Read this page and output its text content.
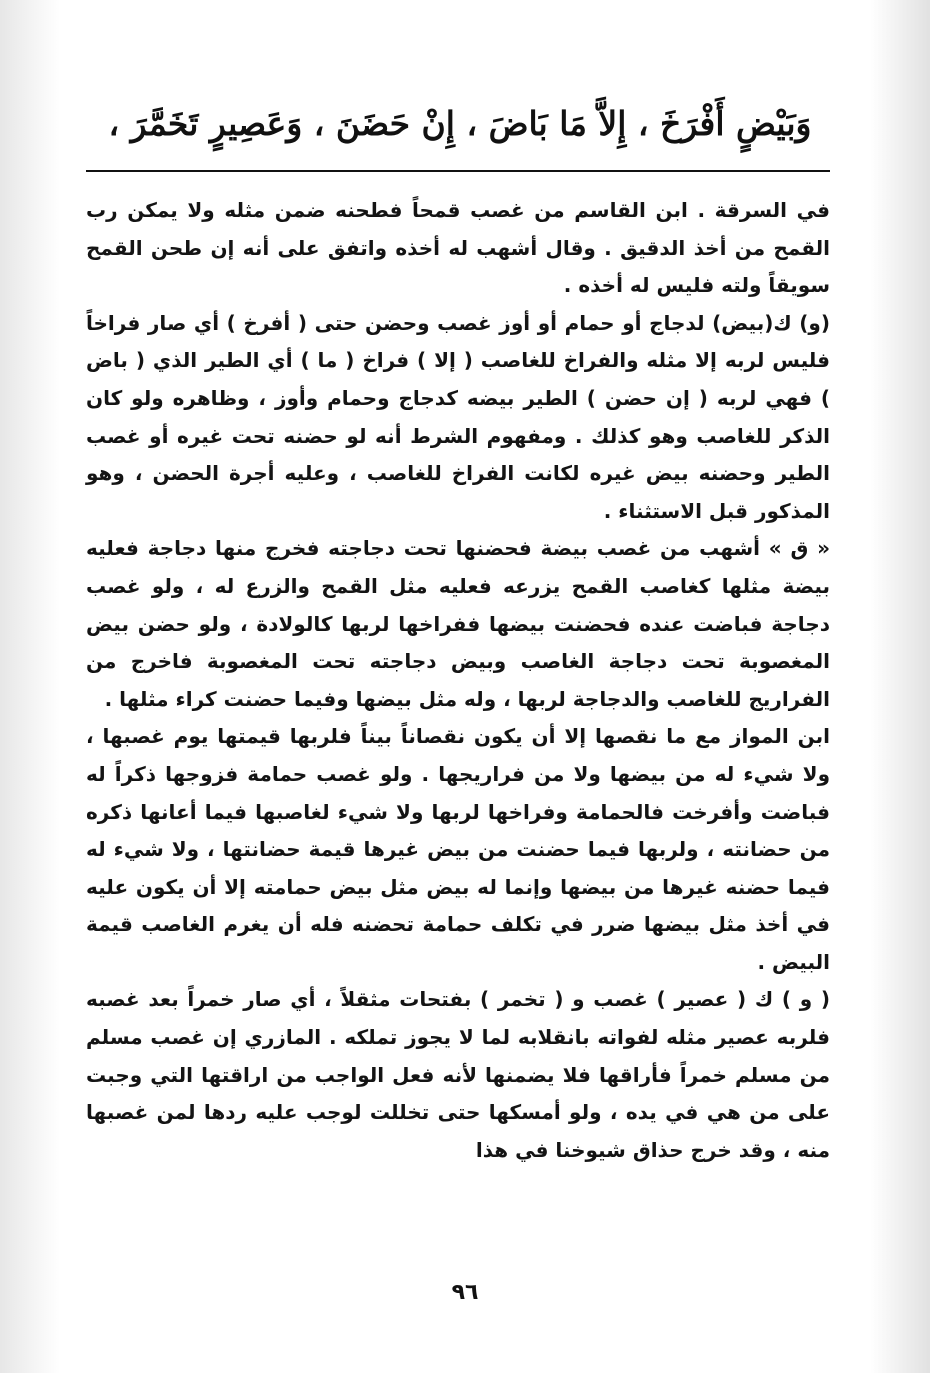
وَبَيْضٍ أَفْرَخَ ، إِلاَّ مَا بَاضَ ، إِنْ حَضَنَ ، وَعَصِيرٍ تَخَمَّرَ ،

في السرقة . ابن القاسم من غصب قمحاً فطحنه ضمن مثله ولا يمكن رب القمح من أخذ الدقيق . وقال أشهب له أخذه واتفق على أنه إن طحن القمح سويقاً ولته فليس له أخذه .

(و) ك(بيض) لدجاج أو حمام أو أوز غصب وحضن حتى ( أفرخ ) أي صار فراخاً فليس لربه إلا مثله والفراخ للغاصب ( إلا ) فراخ ( ما ) أي الطير الذي ( باض ) فهي لربه ( إن حضن ) الطير بيضه كدجاج وحمام وأوز ، وظاهره ولو كان الذكر للغاصب وهو كذلك . ومفهوم الشرط أنه لو حضنه تحت غيره أو غصب الطير وحضنه بيض غيره لكانت الفراخ للغاصب ، وعليه أجرة الحضن ، وهو المذكور قبل الاستثناء .

« ق » أشهب من غصب بيضة فحضنها تحت دجاجته فخرج منها دجاجة فعليه بيضة مثلها كغاصب القمح يزرعه فعليه مثل القمح والزرع له ، ولو غصب دجاجة فباضت عنده فحضنت بيضها ففراخها لربها كالولادة ، ولو حضن بيض المغصوبة تحت دجاجة الغاصب وبيض دجاجته تحت المغصوبة فاخرج من الفراريج للغاصب والدجاجة لربها ، وله مثل بيضها وفيما حضنت كراء مثلها .

ابن المواز مع ما نقصها إلا أن يكون نقصاناً بيناً فلربها قيمتها يوم غصبها ، ولا شيء له من بيضها ولا من فراريجها . ولو غصب حمامة فزوجها ذكراً له فباضت وأفرخت فالحمامة وفراخها لربها ولا شيء لغاصبها فيما أعانها ذكره من حضانته ، ولربها فيما حضنت من بيض غيرها قيمة حضانتها ، ولا شيء له فيما حضنه غيرها من بيضها وإنما له بيض مثل بيض حمامته إلا أن يكون عليه في أخذ مثل بيضها ضرر في تكلف حمامة تحضنه فله أن يغرم الغاصب قيمة البيض .

( و ) ك ( عصير ) غصب و ( تخمر ) بفتحات مثقلاً ، أي صار خمراً بعد غصبه فلربه عصير مثله لفواته بانقلابه لما لا يجوز تملكه . المازري إن غصب مسلم من مسلم خمراً فأراقها فلا يضمنها لأنه فعل الواجب من اراقتها التي وجبت على من هي في يده ، ولو أمسكها حتى تخللت لوجب عليه ردها لمن غصبها منه ، وقد خرج حذاق شيوخنا في هذا

٩٦
